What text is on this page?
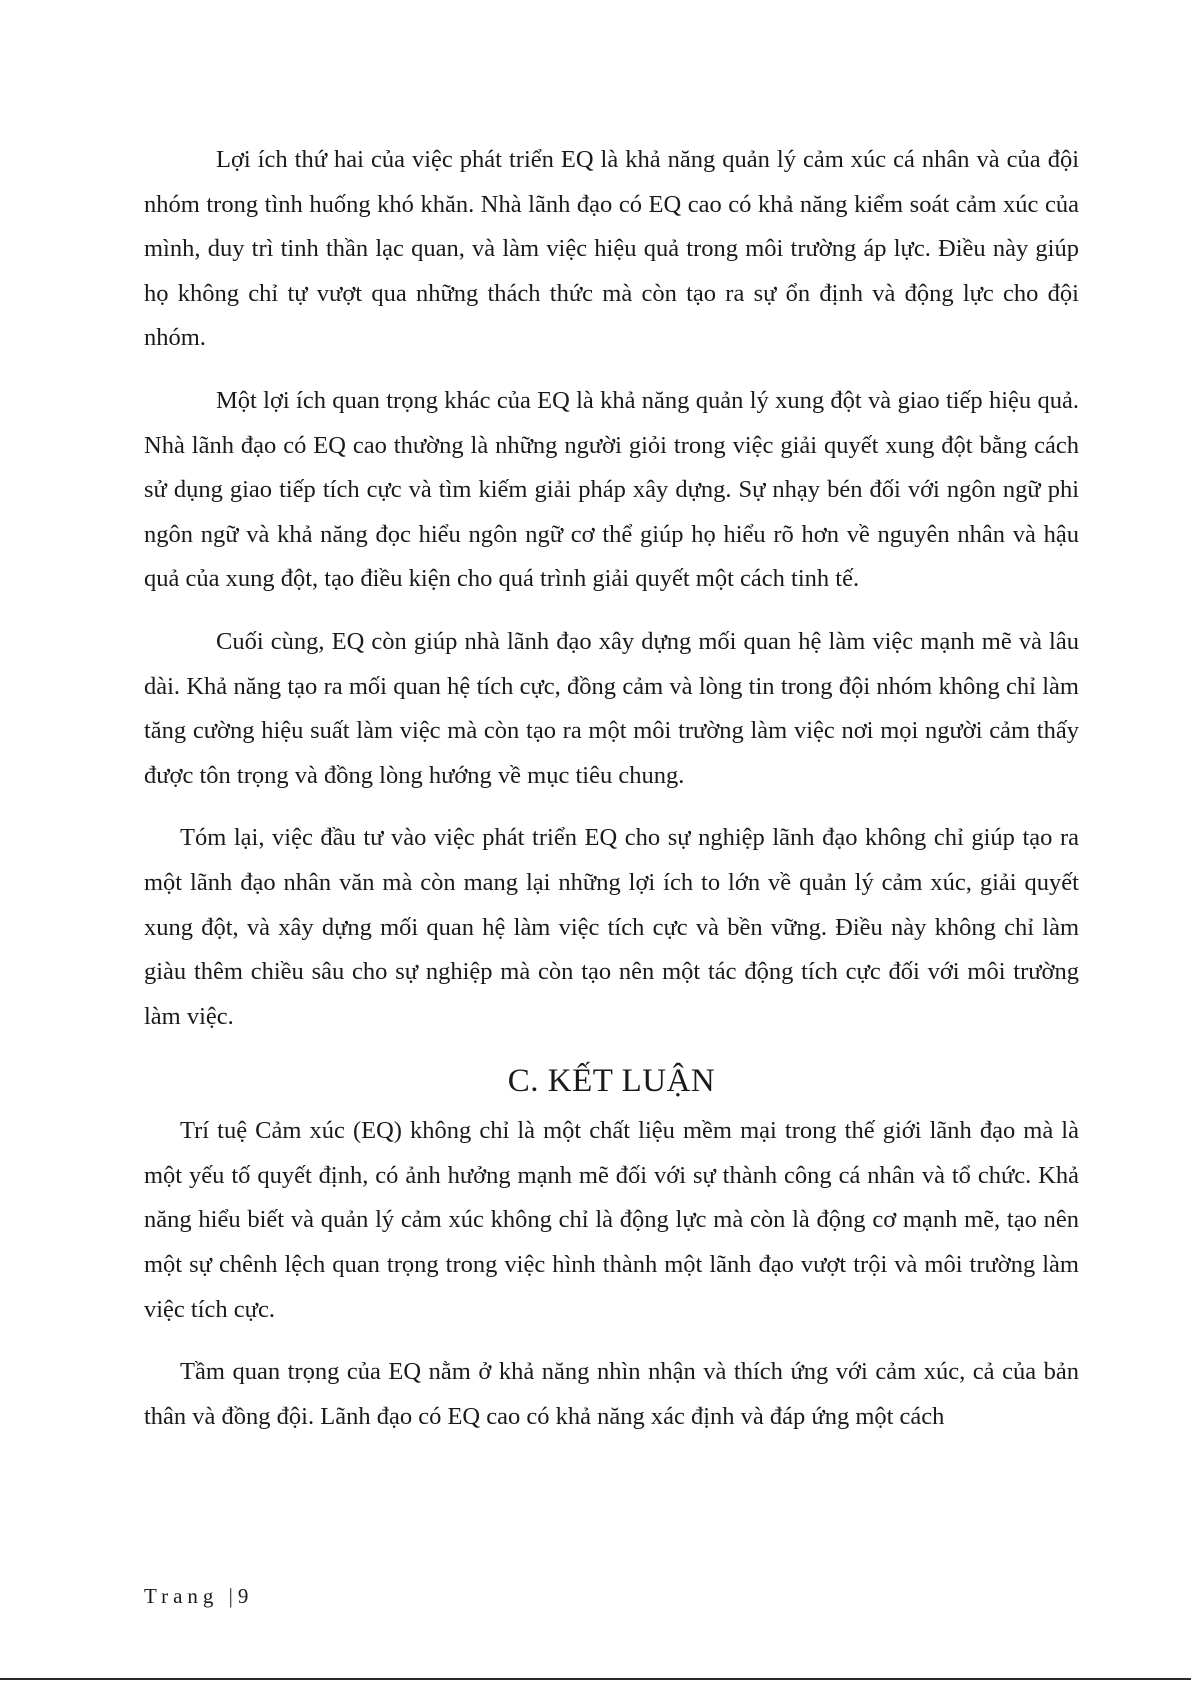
Lợi ích thứ hai của việc phát triển EQ là khả năng quản lý cảm xúc cá nhân và của đội nhóm trong tình huống khó khăn. Nhà lãnh đạo có EQ cao có khả năng kiểm soát cảm xúc của mình, duy trì tinh thần lạc quan, và làm việc hiệu quả trong môi trường áp lực. Điều này giúp họ không chỉ tự vượt qua những thách thức mà còn tạo ra sự ổn định và động lực cho đội nhóm.

Một lợi ích quan trọng khác của EQ là khả năng quản lý xung đột và giao tiếp hiệu quả. Nhà lãnh đạo có EQ cao thường là những người giỏi trong việc giải quyết xung đột bằng cách sử dụng giao tiếp tích cực và tìm kiếm giải pháp xây dựng. Sự nhạy bén đối với ngôn ngữ phi ngôn ngữ và khả năng đọc hiểu ngôn ngữ cơ thể giúp họ hiểu rõ hơn về nguyên nhân và hậu quả của xung đột, tạo điều kiện cho quá trình giải quyết một cách tinh tế.

Cuối cùng, EQ còn giúp nhà lãnh đạo xây dựng mối quan hệ làm việc mạnh mẽ và lâu dài. Khả năng tạo ra mối quan hệ tích cực, đồng cảm và lòng tin trong đội nhóm không chỉ làm tăng cường hiệu suất làm việc mà còn tạo ra một môi trường làm việc nơi mọi người cảm thấy được tôn trọng và đồng lòng hướng về mục tiêu chung.

Tóm lại, việc đầu tư vào việc phát triển EQ cho sự nghiệp lãnh đạo không chỉ giúp tạo ra một lãnh đạo nhân văn mà còn mang lại những lợi ích to lớn về quản lý cảm xúc, giải quyết xung đột, và xây dựng mối quan hệ làm việc tích cực và bền vững. Điều này không chỉ làm giàu thêm chiều sâu cho sự nghiệp mà còn tạo nên một tác động tích cực đối với môi trường làm việc.

C. KẾT LUẬN

Trí tuệ Cảm xúc (EQ) không chỉ là một chất liệu mềm mại trong thế giới lãnh đạo mà là một yếu tố quyết định, có ảnh hưởng mạnh mẽ đối với sự thành công cá nhân và tổ chức. Khả năng hiểu biết và quản lý cảm xúc không chỉ là động lực mà còn là động cơ mạnh mẽ, tạo nên một sự chênh lệch quan trọng trong việc hình thành một lãnh đạo vượt trội và môi trường làm việc tích cực.

Tầm quan trọng của EQ nằm ở khả năng nhìn nhận và thích ứng với cảm xúc, cả của bản thân và đồng đội. Lãnh đạo có EQ cao có khả năng xác định và đáp ứng một cách

Trang |9
